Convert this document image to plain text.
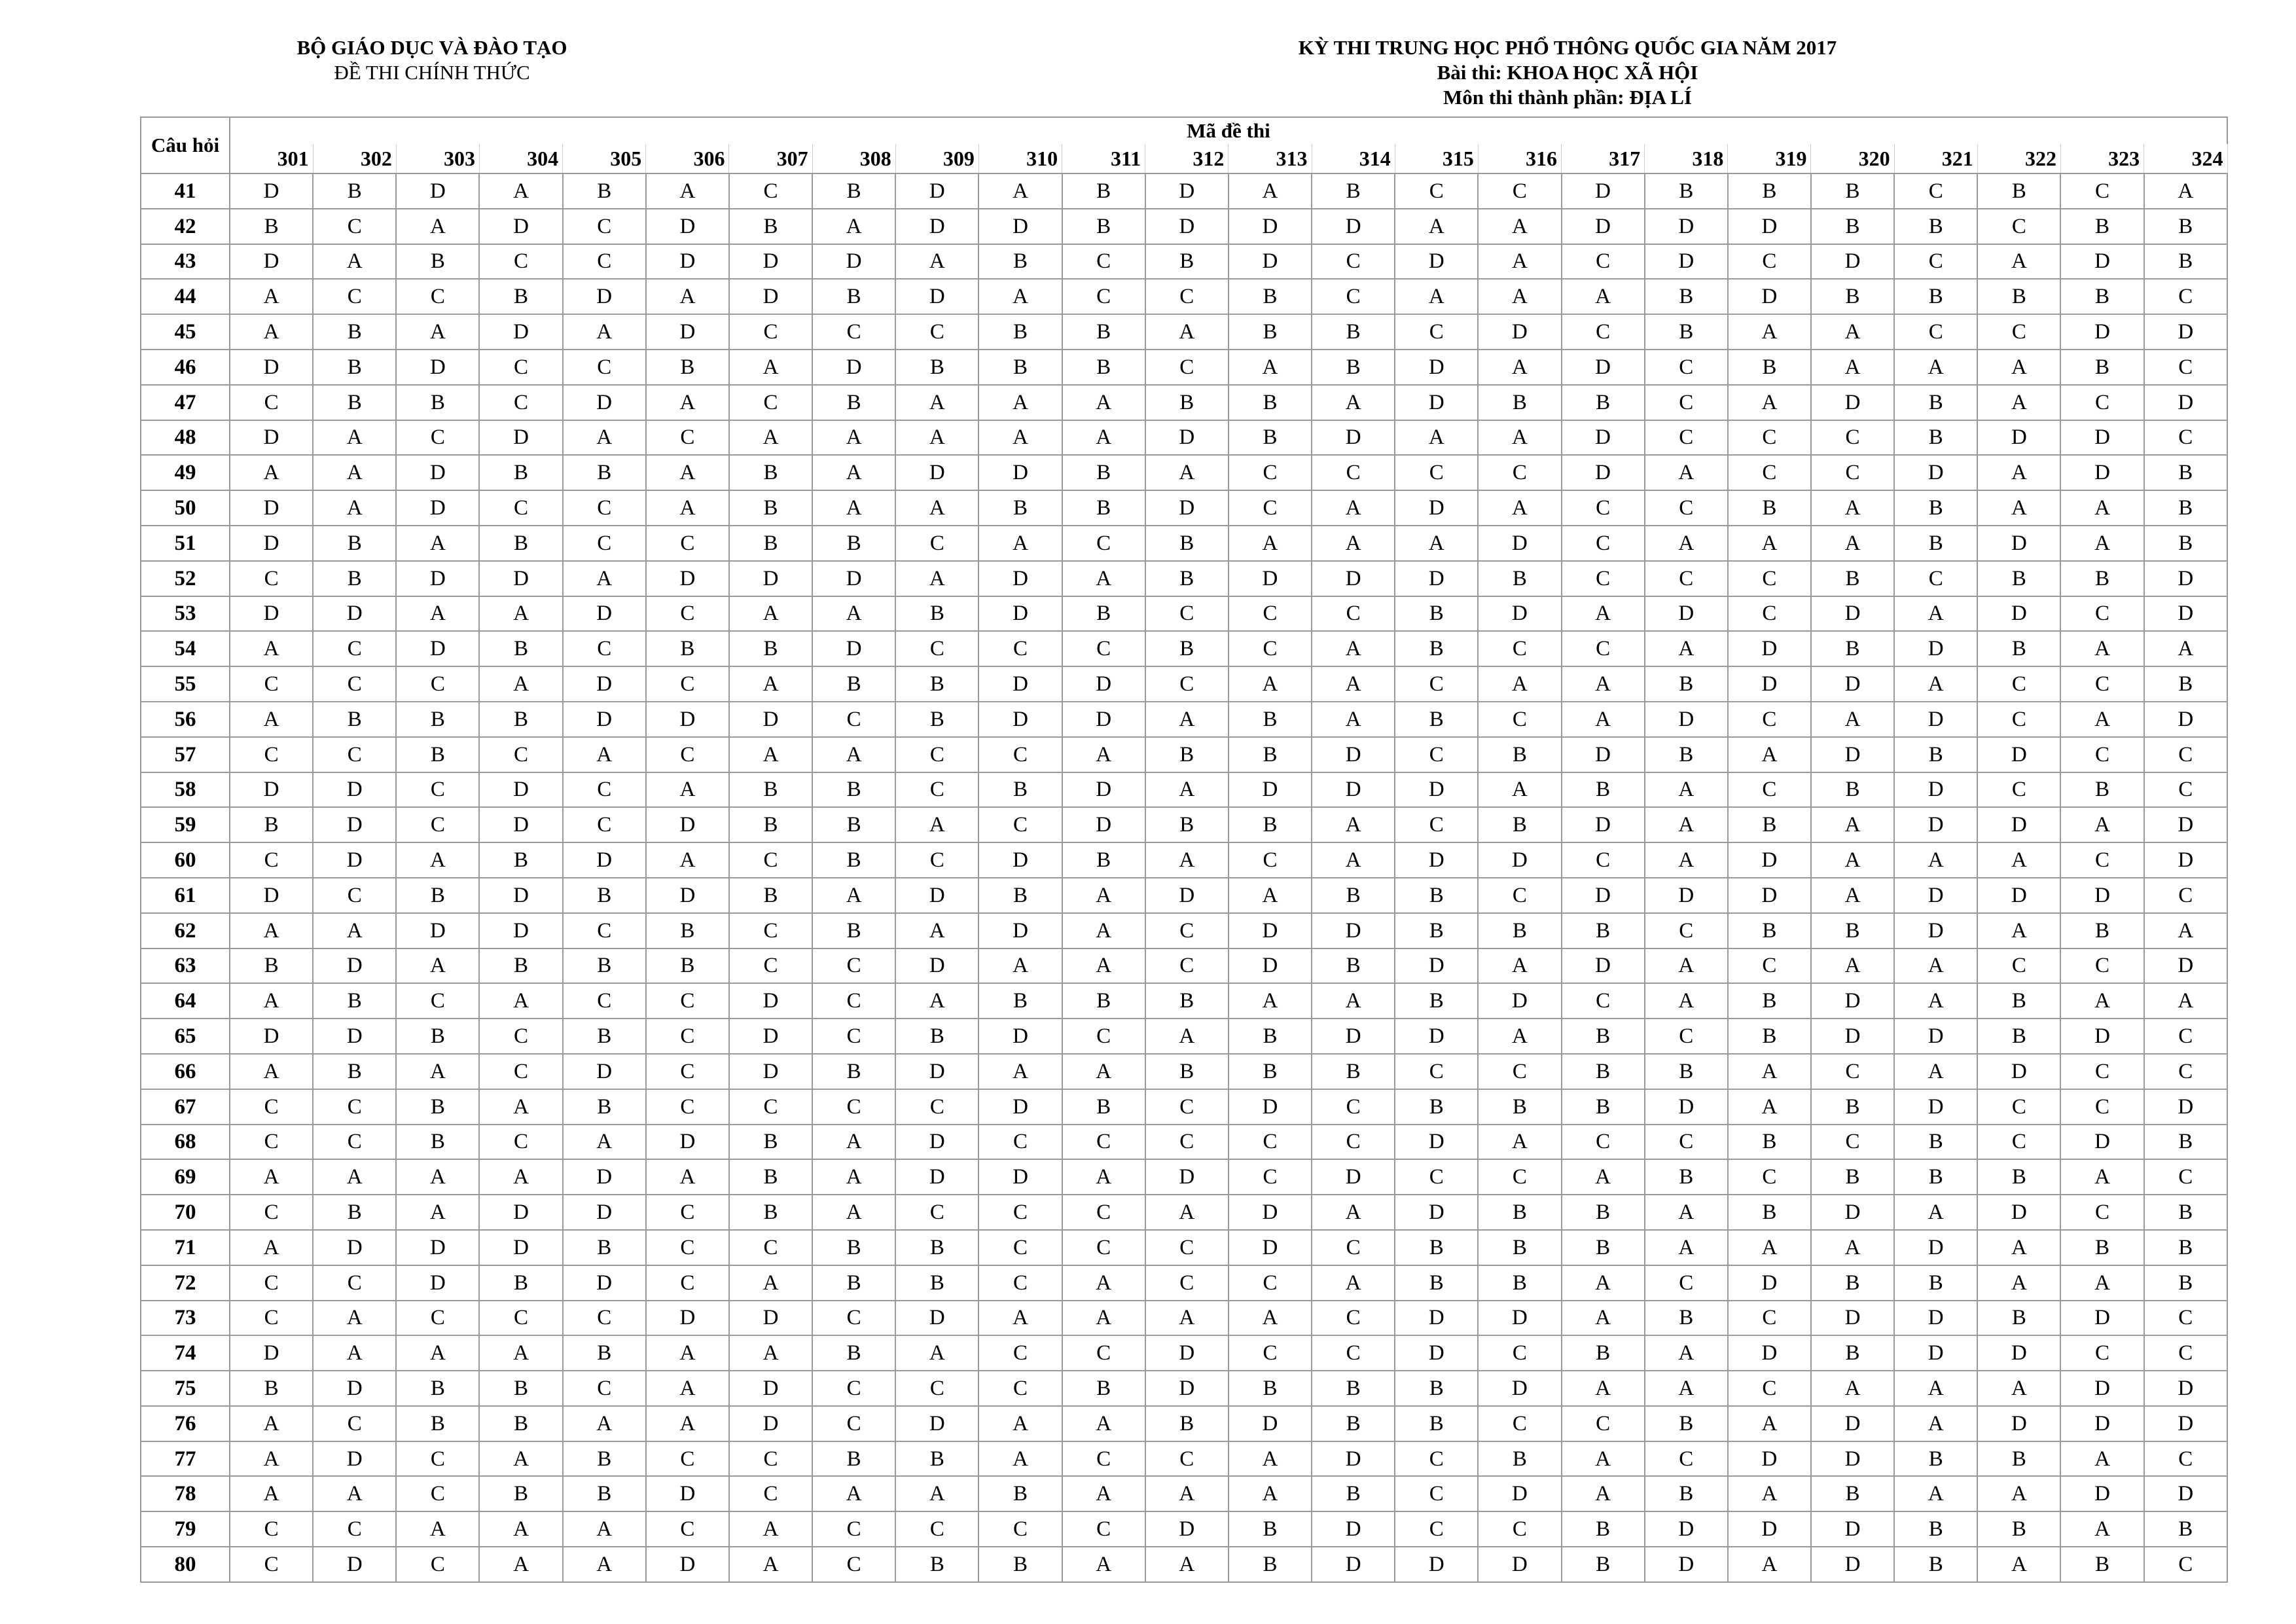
BỘ GIÁO DỤC VÀ ĐÀO TẠO
ĐỀ THI CHÍNH THỨC
KỲ THI TRUNG HỌC PHỔ THÔNG QUỐC GIA NĂM 2017
Bài thi: KHOA HỌC XÃ HỘI
Môn thi thành phần: ĐỊA LÍ
Câu hỏi	Mã đề thi																							
	301	302	303	304	305	306	307	308	309	310	311	312	313	314	315	316	317	318	319	320	321	322	323	324
41	D	B	D	A	B	A	C	B	D	A	B	D	A	B	C	C	D	B	B	B	C	B	C	A
42	B	C	A	D	C	D	B	A	D	D	B	D	D	D	A	A	D	D	D	B	B	C	B	B
43	D	A	B	C	C	D	D	D	A	B	C	B	D	C	D	A	C	D	C	D	C	A	D	B
44	A	C	C	B	D	A	D	B	D	A	C	C	B	C	A	A	A	B	D	B	B	B	B	C
45	A	B	A	D	A	D	C	C	C	B	B	A	B	B	C	D	C	B	A	A	C	C	D	D
46	D	B	D	C	C	B	A	D	B	B	B	C	A	B	D	A	D	C	B	A	A	A	B	C
47	C	B	B	C	D	A	C	B	A	A	A	B	B	A	D	B	B	C	A	D	B	A	C	D
48	D	A	C	D	A	C	A	A	A	A	A	D	B	D	A	A	D	C	C	C	B	D	D	C
49	A	A	D	B	B	A	B	A	D	D	B	A	C	C	C	C	D	A	C	C	D	A	D	B
50	D	A	D	C	C	A	B	A	A	B	B	D	C	A	D	A	C	C	B	A	B	A	A	B
51	D	B	A	B	C	C	B	B	C	A	C	B	A	A	A	D	C	A	A	A	B	D	A	B
52	C	B	D	D	A	D	D	D	A	D	A	B	D	D	D	B	C	C	C	B	C	B	B	D
53	D	D	A	A	D	C	A	A	B	D	B	C	C	C	B	D	A	D	C	D	A	D	C	D
54	A	C	D	B	C	B	B	D	C	C	C	B	C	A	B	C	C	A	D	B	D	B	A	A
55	C	C	C	A	D	C	A	B	B	D	D	C	A	A	C	A	A	B	D	D	A	C	C	B
56	A	B	B	B	D	D	D	C	B	D	D	A	B	A	B	C	A	D	C	A	D	C	A	D
57	C	C	B	C	A	C	A	A	C	C	A	B	B	D	C	B	D	B	A	D	B	D	C	C
58	D	D	C	D	C	A	B	B	C	B	D	A	D	D	D	A	B	A	C	B	D	C	B	C
59	B	D	C	D	C	D	B	B	A	C	D	B	B	A	C	B	D	A	B	A	D	D	A	D
60	C	D	A	B	D	A	C	B	C	D	B	A	C	A	D	D	C	A	D	A	A	A	C	D
61	D	C	B	D	B	D	B	A	D	B	A	D	A	B	B	C	D	D	D	A	D	D	D	C
62	A	A	D	D	C	B	C	B	A	D	A	C	D	D	B	B	B	C	B	B	D	A	B	A
63	B	D	A	B	B	B	C	C	D	A	A	C	D	B	D	A	D	A	C	A	A	C	C	D
64	A	B	C	A	C	C	D	C	A	B	B	B	A	A	B	D	C	A	B	D	A	B	A	A
65	D	D	B	C	B	C	D	C	B	D	C	A	B	D	D	A	B	C	B	D	D	B	D	C
66	A	B	A	C	D	C	D	B	D	A	A	B	B	B	C	C	B	B	A	C	A	D	C	C
67	C	C	B	A	B	C	C	C	C	D	B	C	D	C	B	B	B	D	A	B	D	C	C	D
68	C	C	B	C	A	D	B	A	D	C	C	C	C	C	D	A	C	C	B	C	B	C	D	B
69	A	A	A	A	D	A	B	A	D	D	A	D	C	D	C	C	A	B	C	B	B	B	A	C
70	C	B	A	D	D	C	B	A	C	C	C	A	D	A	D	B	B	A	B	D	A	D	C	B
71	A	D	D	D	B	C	C	B	B	C	C	C	D	C	B	B	B	A	A	A	D	A	B	B
72	C	C	D	B	D	C	A	B	B	C	A	C	C	A	B	B	A	C	D	B	B	A	A	B
73	C	A	C	C	C	D	D	C	D	A	A	A	A	C	D	D	A	B	C	D	D	B	D	C
74	D	A	A	A	B	A	A	B	A	C	C	D	C	C	D	C	B	A	D	B	D	D	C	C
75	B	D	B	B	C	A	D	C	C	C	B	D	B	B	B	D	A	A	C	A	A	A	D	D
76	A	C	B	B	A	A	D	C	D	A	A	B	D	B	B	C	C	B	A	D	A	D	D	D
77	A	D	C	A	B	C	C	B	B	A	C	C	A	D	C	B	A	C	D	D	B	B	A	C
78	A	A	C	B	B	D	C	A	A	B	A	A	A	B	C	D	A	B	A	B	A	A	D	D
79	C	C	A	A	A	C	A	C	C	C	C	D	B	D	C	C	B	D	D	D	B	B	A	B
80	C	D	C	A	A	D	A	C	B	B	A	A	B	D	D	D	B	D	A	D	B	A	B	C
